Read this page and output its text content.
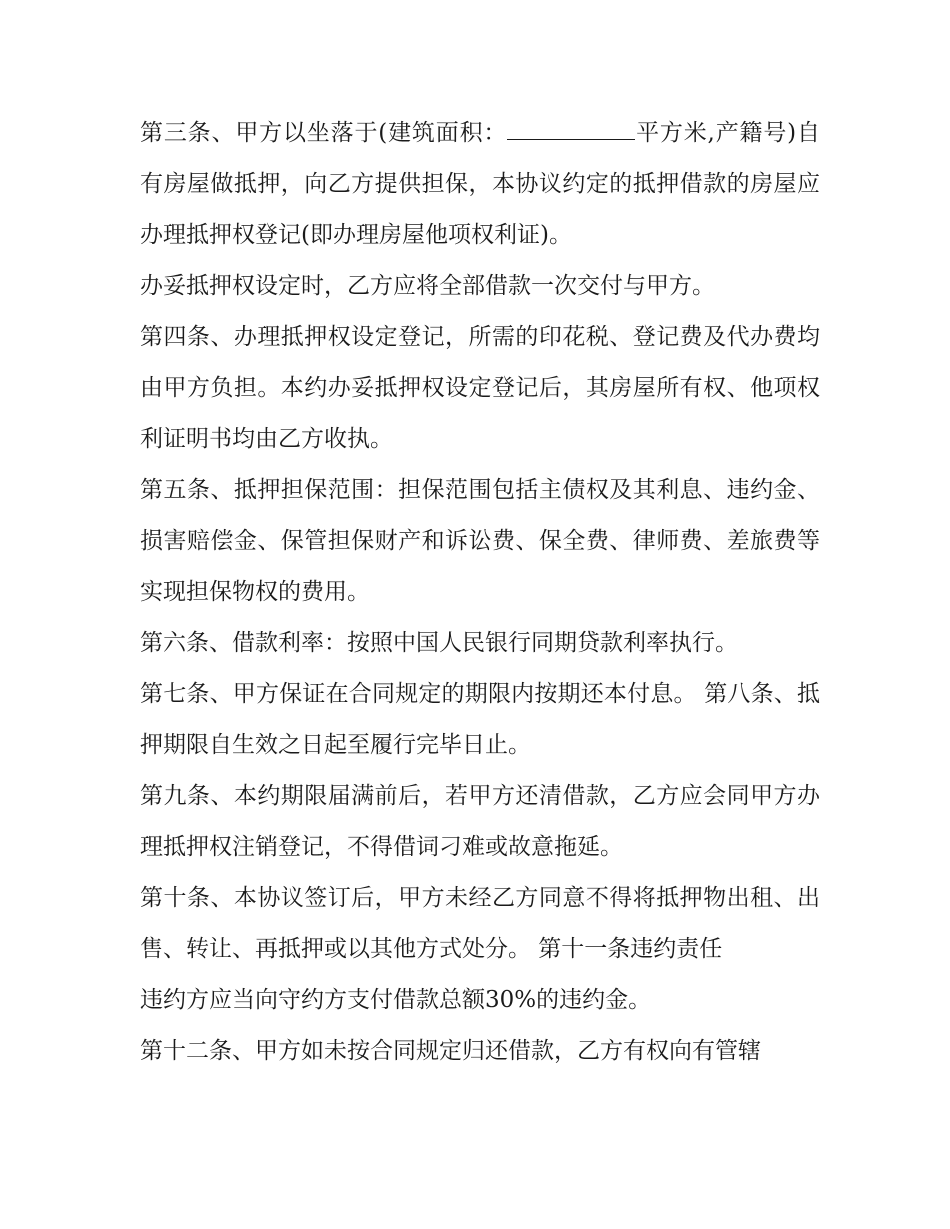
第三条、甲方以坐落于(建筑面积：	平方米,产籍号)自有房屋做抵押，向乙方提供担保，本协议约定的抵押借款的房屋应办理抵押权登记(即办理房屋他项权利证)。

办妥抵押权设定时，乙方应将全部借款一次交付与甲方。

第四条、办理抵押权设定登记，所需的印花税、登记费及代办费均由甲方负担。本约办妥抵押权设定登记后，其房屋所有权、他项权利证明书均由乙方收执。

第五条、抵押担保范围：担保范围包括主债权及其利息、违约金、损害赔偿金、保管担保财产和诉讼费、保全费、律师费、差旅费等实现担保物权的费用。

第六条、借款利率：按照中国人民银行同期贷款利率执行。

第七条、甲方保证在合同规定的期限内按期还本付息。 第八条、抵押期限自生效之日起至履行完毕日止。

第九条、本约期限届满前后，若甲方还清借款，乙方应会同甲方办理抵押权注销登记，不得借词刁难或故意拖延。

第十条、本协议签订后，甲方未经乙方同意不得将抵押物出租、出售、转让、再抵押或以其他方式处分。 第十一条违约责任

违约方应当向守约方支付借款总额30%的违约金。

第十二条、甲方如未按合同规定归还借款，乙方有权向有管辖
